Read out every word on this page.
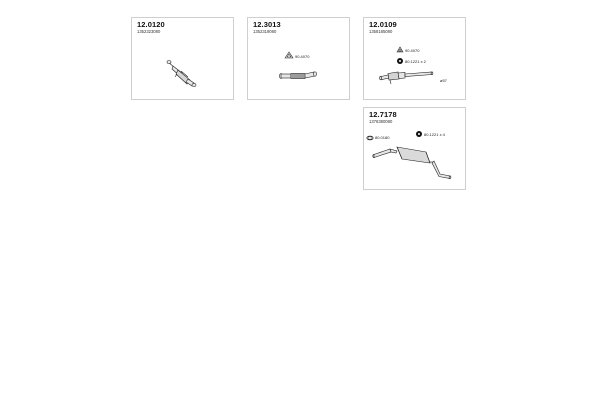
12.0120
1352323080
12.3013
1352319080
90.4070
12.0109
1358185080
90.4070
80.1221 x 2
ø57
12.7178
1376380080
80.0180
80.1221 x 4
